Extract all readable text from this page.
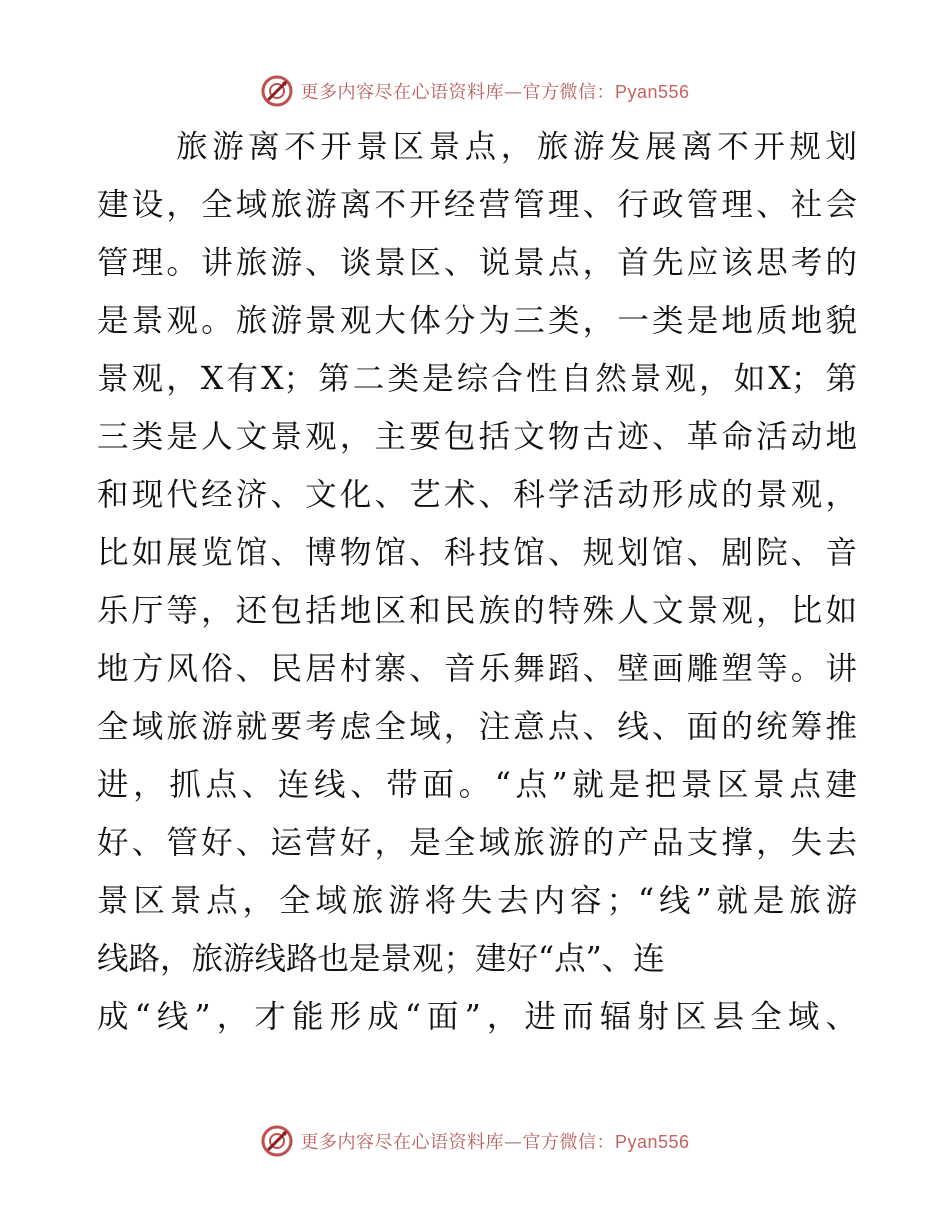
更多内容尽在心语资料库—官方微信：Pyan556
旅游离不开景区景点，旅游发展离不开规划
建设，全域旅游离不开经营管理、行政管理、社会
管理。讲旅游、谈景区、说景点，首先应该思考的
是景观。旅游景观大体分为三类，一类是地质地貌
景观，X有X；第二类是综合性自然景观，如X；第
三类是人文景观，主要包括文物古迹、革命活动地
和现代经济、文化、艺术、科学活动形成的景观，
比如展览馆、博物馆、科技馆、规划馆、剧院、音
乐厅等，还包括地区和民族的特殊人文景观，比如
地方风俗、民居村寨、音乐舞蹈、壁画雕塑等。讲
全域旅游就要考虑全域，注意点、线、面的统筹推
进，抓点、连线、带面。“点”就是把景区景点建
好、管好、运营好，是全域旅游的产品支撑，失去
景区景点，全域旅游将失去内容；“线”就是旅游
线路，旅游线路也是景观；建好“点”、连
成“线”，才能形成“面”，进而辐射区县全域、
更多内容尽在心语资料库—官方微信：Pyan556
